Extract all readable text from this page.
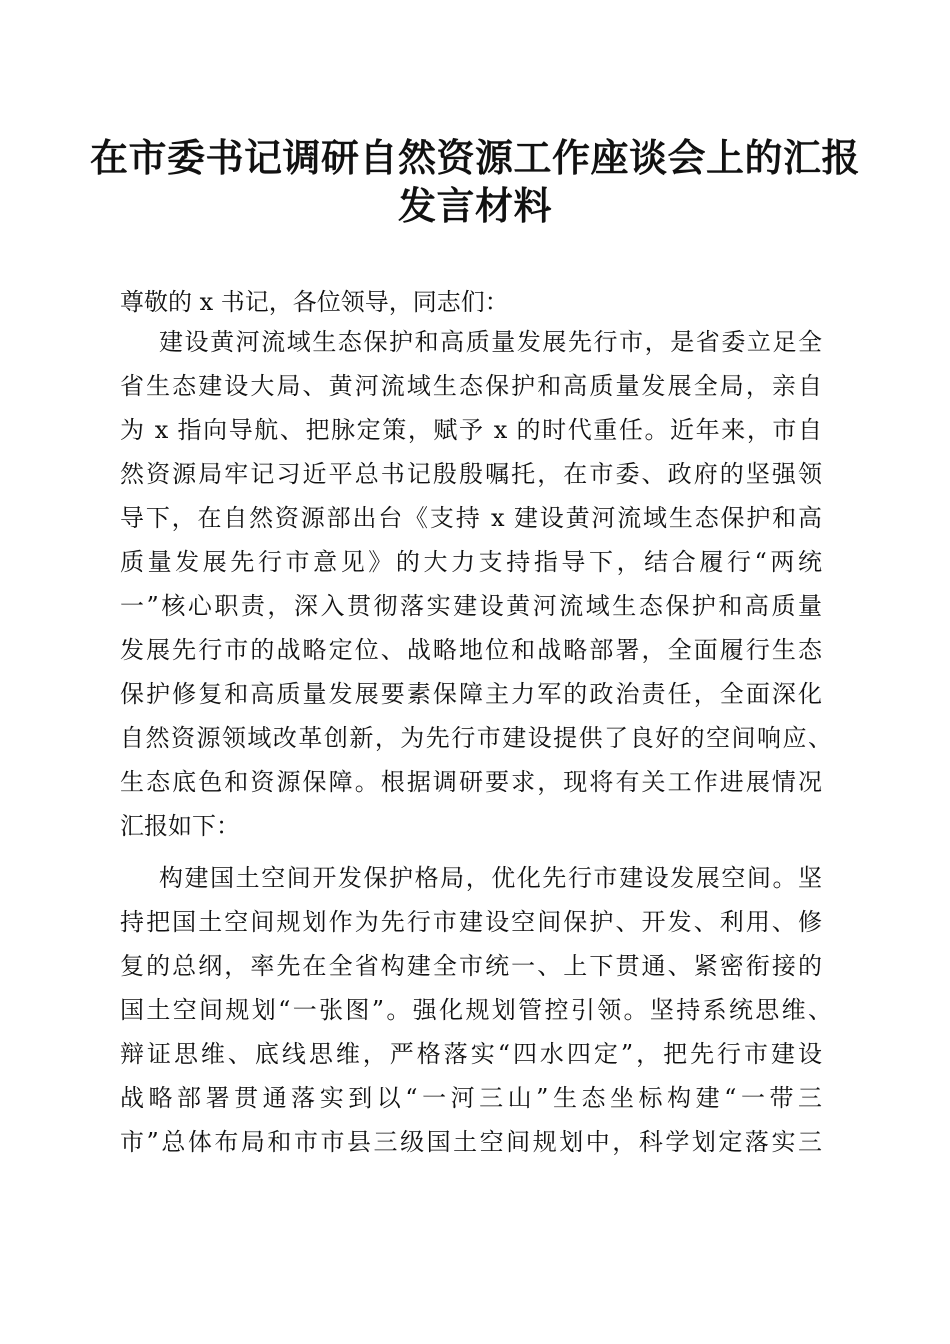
在市委书记调研自然资源工作座谈会上的汇报
发言材料
尊敬的 x 书记，各位领导，同志们：
建设黄河流域生态保护和高质量发展先行市，是省委立足全
省生态建设大局、黄河流域生态保护和高质量发展全局，亲自
为 x 指向导航、把脉定策，赋予 x 的时代重任。近年来，市自
然资源局牢记习近平总书记殷殷嘱托，在市委、政府的坚强领
导下，在自然资源部出台《支持 x 建设黄河流域生态保护和高
质量发展先行市意见》的大力支持指导下，结合履行“两统
一”核心职责，深入贯彻落实建设黄河流域生态保护和高质量
发展先行市的战略定位、战略地位和战略部署，全面履行生态
保护修复和高质量发展要素保障主力军的政治责任，全面深化
自然资源领域改革创新，为先行市建设提供了良好的空间响应、
生态底色和资源保障。根据调研要求，现将有关工作进展情况
汇报如下：
构建国土空间开发保护格局，优化先行市建设发展空间。坚
持把国土空间规划作为先行市建设空间保护、开发、利用、修
复的总纲，率先在全省构建全市统一、上下贯通、紧密衔接的
国土空间规划“一张图”。强化规划管控引领。坚持系统思维、
辩证思维、底线思维，严格落实“四水四定”，把先行市建设
战略部署贯通落实到以“一河三山”生态坐标构建“一带三
市”总体布局和市市县三级国土空间规划中，科学划定落实三
